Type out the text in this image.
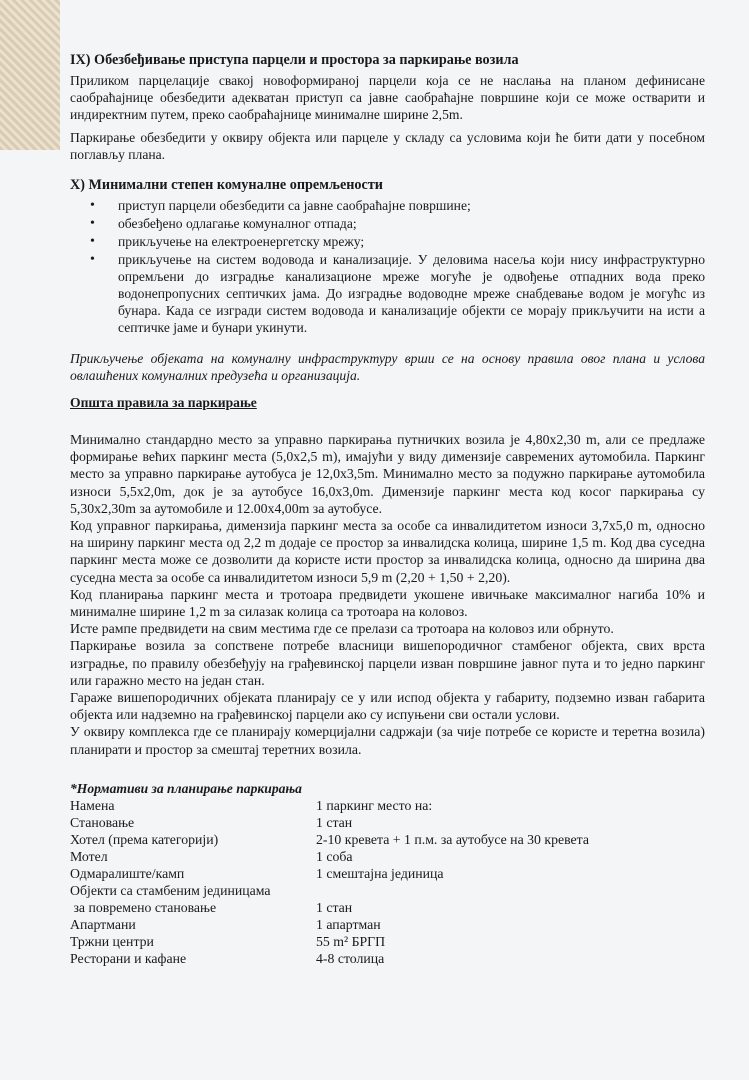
IX) Обезбеђивање приступа парцели и простора за паркирање возила

Приликом парцелације свакој новоформираној парцели која се не наслања на планом дефинисане саобраћајнице обезбедити адекватан приступ са јавне саобраћајне површине који се може остварити и индиректним путем, преко саобраћајнице минималне ширине 2,5m.

Паркирање обезбедити у оквиру објекта или парцеле у складу са условима који ће бити дати у посебном поглављу плана.

X) Минимални степен комуналне опремљености
• приступ парцели обезбедити са јавне саобраћајне површине;
• обезбеђено одлагање комуналног отпада;
• прикључење на електроенергетску мрежу;
• прикључење на систем водовода и канализације. У деловима насеља који нису инфраструктурно опремљени до изградње канализационе мреже могуће је одвођење отпадних вода преко водонепропусних септичких јама. До изградње водоводне мреже снабдевање водом је могућс из бунара. Када се изгради систем водовода и канализације објекти се морају прикључити на исти а септичке јаме и бунари укинути.

Прикључење објеката на комуналну инфраструктуру врши се на основу правила овог плана и услова овлашћених комуналних предузећа и организација.

Општа правила за паркирање

Минимално стандардно место за управно паркирања путничких возила је 4,80x2,30 m, али се предлаже формирање већих паркинг места (5,0x2,5 m), имајући у виду димензије савремених аутомобила. Паркинг место за управно паркирање аутобуса је 12,0x3,5m. Минимално место за подужно паркирање аутомобила износи 5,5x2,0m, док је за аутобусе 16,0x3,0m. Димензије паркинг места код косог паркирања су 5,30x2,30m за аутомобиле и 12.00x4,00m за аутобусе.

Код управног паркирања, димензија паркинг места за особе са инвалидитетом износи 3,7x5,0 m, односно на ширину паркинг места од 2,2 m додаје се простор за инвалидска колица, ширине 1,5 m. Код два суседна паркинг места може се дозволити да користе исти простор за инвалидска колица, односно да ширина два суседна места за особе са инвалидитетом износи 5,9 m (2,20 + 1,50 + 2,20).

Код планирања паркинг места и тротоара предвидети укошене ивичњаке максималног нагиба 10% и минималне ширине 1,2 m за силазак колица са тротоара на коловоз.

Исте рампе предвидети на свим местима где се прелази са тротоара на коловоз или обрнуто.

Паркирање возила за сопствене потребе власници вишепородичног стамбеног објекта, свих врста изградње, по правилу обезбеђују на грађевинској парцели изван површине јавног пута и то једно паркинг или гаражно место на један стан.

Гараже вишепородичних објеката планирају се у или испод објекта у габариту, подземно изван габарита објекта или надземно на грађевинској парцели ако су испуњени сви остали услови.

У оквиру комплекса где се планирају комерцијални садржаји (за чије потребе се користе и теретна возила) планирати и простор за смештај теретних возила.

*Нормативи за планирање паркирања
Намена	1 паркинг место на:
Становање	1 стан
Хотел (према категорији)	2-10 кревета + 1 п.м. за аутобусе на 30 кревета
Мотел	1 соба
Одмаралиште/камп	1 смештајна јединица
Објекти са стамбеним јединицама	
за повремено становање	1 стан
Апартмани	1 апартман
Тржни центри	55 m² БРГП
Ресторани и кафане	4-8 столица
